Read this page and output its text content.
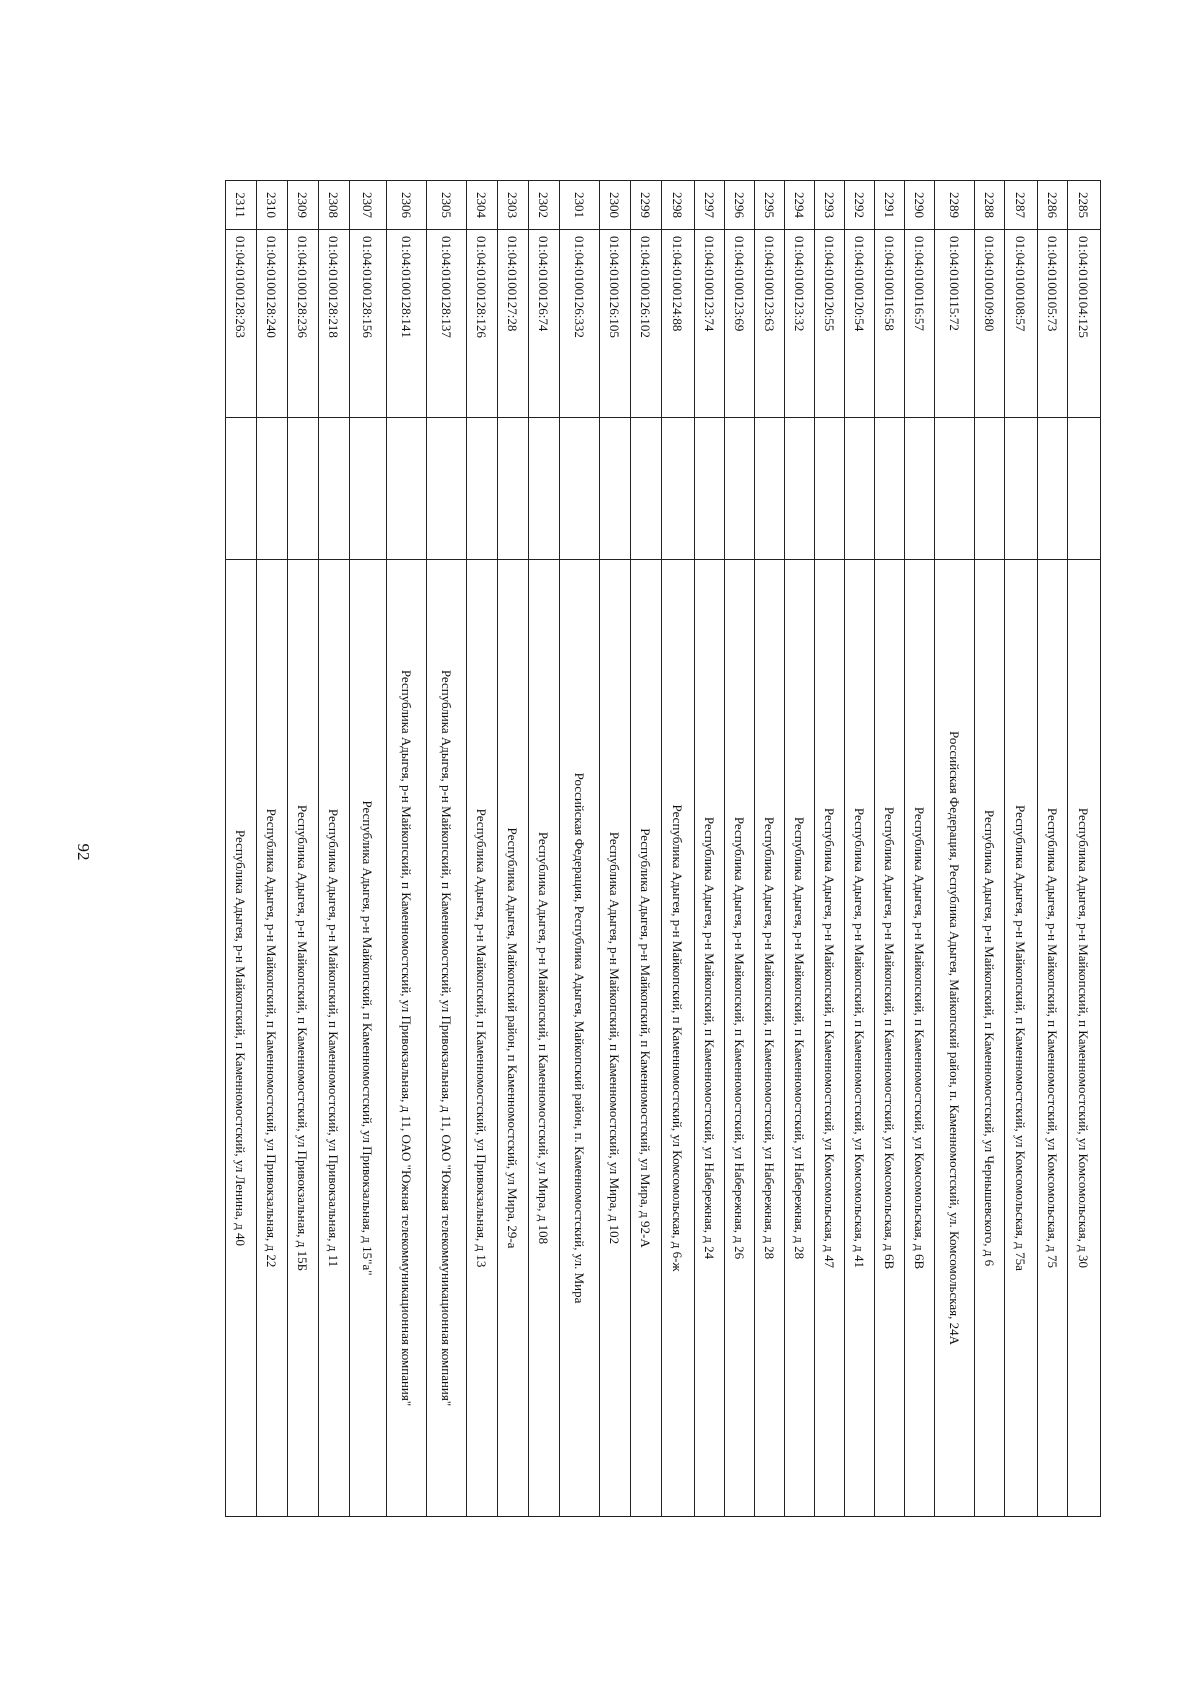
92
2285	01:04:0100104:125		Республика Адыгея, р-н Майкопский, п Каменномостский, ул Комсомольская, д 30
2286	01:04:0100105:73		Республика Адыгея, р-н Майкопский, п Каменномостский, ул Комсомольская, д 75
2287	01:04:0100108:57		Республика Адыгея, р-н Майкопский, п Каменномостский, ул Комсомольская, д 75а
2288	01:04:0100109:80		Республика Адыгея, р-н Майкопский, п Каменномостский, ул Чернышевского, д 6
2289	01:04:0100115:72		Российская Федерация, Республика Адыгея, Майкопский район, п. Каменномостский, ул. Комсомольская, 24А
2290	01:04:0100116:57		Республика Адыгея, р-н Майкопский, п Каменномостский, ул Комсомольская, д 6В
2291	01:04:0100116:58		Республика Адыгея, р-н Майкопский, п Каменномостский, ул Комсомольская, д 6В
2292	01:04:0100120:54		Республика Адыгея, р-н Майкопский, п Каменномостский, ул Комсомольская, д 41
2293	01:04:0100120:55		Республика Адыгея, р-н Майкопский, п Каменномостский, ул Комсомольская, д 47
2294	01:04:0100123:32		Республика Адыгея, р-н Майкопский, п Каменномостский, ул Набережная, д 28
2295	01:04:0100123:63		Республика Адыгея, р-н Майкопский, п Каменномостский, ул Набережная, д 28
2296	01:04:0100123:69		Республика Адыгея, р-н Майкопский, п Каменномостский, ул Набережная, д 26
2297	01:04:0100123:74		Республика Адыгея, р-н Майкопский, п Каменномостский, ул Набережная, д 24
2298	01:04:0100124:88		Республика Адыгея, р-н Майкопский, п Каменномостский, ул Комсомольская, д 6-ж
2299	01:04:0100126:102		Республика Адыгея, р-н Майкопский, п Каменномостский, ул Мира, д 92-А
2300	01:04:0100126:105		Республика Адыгея, р-н Майкопский, п Каменномостский, ул Мира, д 102
2301	01:04:0100126:332		Российская Федерация, Республика Адыгея, Майкопский район, п. Каменномостский, ул. Мира
2302	01:04:0100126:74		Республика Адыгея, р-н Майкопский, п Каменномостский, ул Мира, д 108
2303	01:04:0100127:28		Республика Адыгея, Майкопский район, п Каменномостский, ул Мира, 29-а
2304	01:04:0100128:126		Республика Адыгея, р-н Майкопский, п Каменномостский, ул Привокзальная, д 13
2305	01:04:0100128:137		Республика Адыгея, р-н Майкопский, п Каменномостский, ул Привокзальная, д 11, ОАО "Южная телекоммуникационная компания"
2306	01:04:0100128:141		Республика Адыгея, р-н Майкопский, п Каменномостский, ул Привокзальная, д 11, ОАО "Южная телекоммуникационная компания"
2307	01:04:0100128:156		Республика Адыгея, р-н Майкопский, п Каменномостский, ул Привокзальная, д 15"а"
2308	01:04:0100128:218		Республика Адыгея, р-н Майкопский, п Каменномостский, ул Привокзальная, д 11
2309	01:04:0100128:236		Республика Адыгея, р-н Майкопский, п Каменномостский, ул Привокзальная, д 15Б
2310	01:04:0100128:240		Республика Адыгея, р-н Майкопский, п Каменномостский, ул Привокзальная, д 22
2311	01:04:0100128:263		Республика Адыгея, р-н Майкопский, п Каменномостский, ул Ленина, д 40
